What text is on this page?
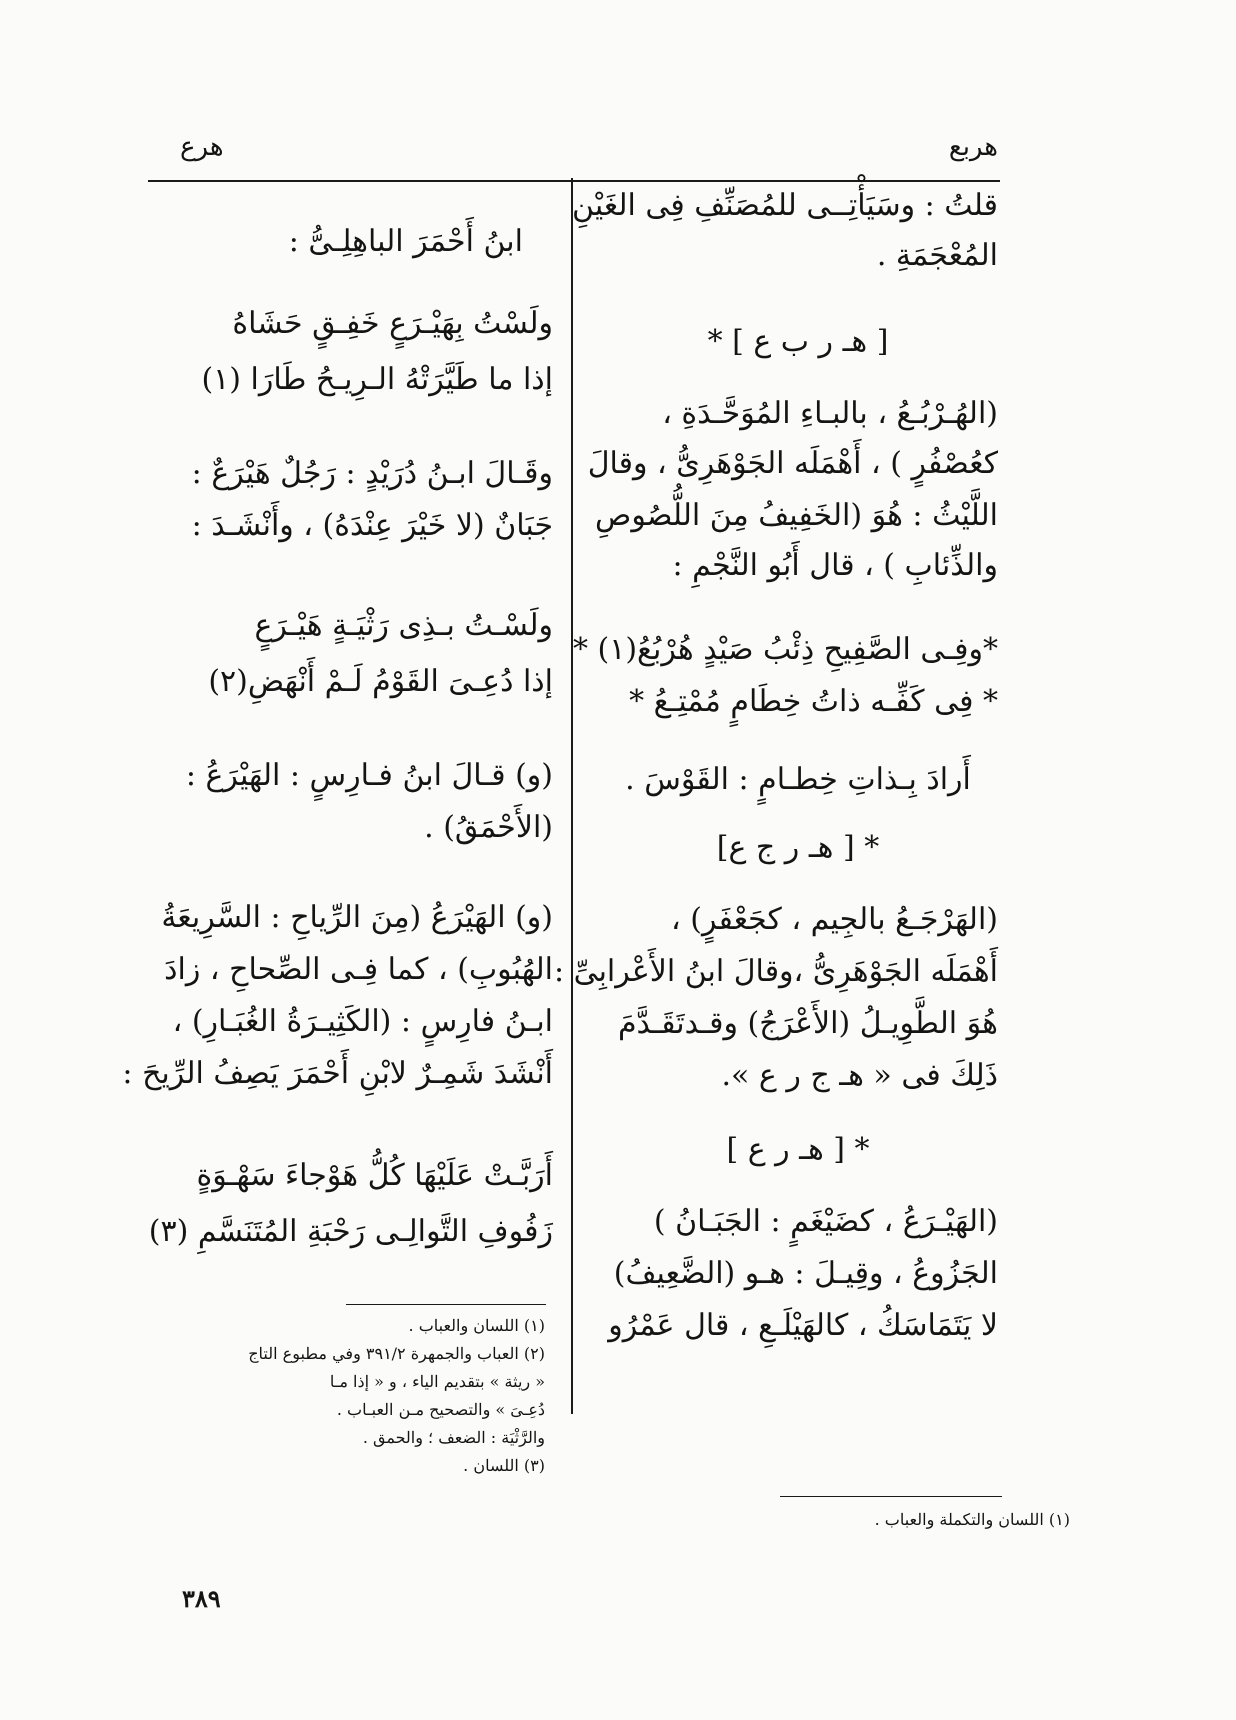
هربع
هرع

قلتُ : وسَيَأْتِــى للمُصَنِّفِ فِى الغَيْنِ

المُعْجَمَةِ .

[ هـ ر ب ع ] *

(الهُـرْبُـعُ ، بالبـاءِ المُوَحَّـدَةِ ،

كعُصْفُرٍ ) ، أَهْمَلَه الجَوْهَرِىُّ ، وقالَ

اللَّيْثُ : هُوَ (الخَفِيفُ مِنَ اللُّصُوصِ

والذِّئابِ ) ، قال أَبُو النَّجْمِ :

*وفِـى الصَّفِيحِ ذِئْبُ صَيْدٍ هُرْبُعُ(١) *

* فِى كَفِّـه ذاتُ خِطَامٍ مُمْتِـعُ *

أَرادَ بِـذاتِ خِطـامٍ : القَوْسَ .

* [ هـ ر ج ع]

(الهَرْجَـعُ بالجِيم ، كجَعْفَرٍ) ،

أَهْمَلَه الجَوْهَرِىُّ ،وقالَ ابنُ الأَعْرابِىِّ :

هُوَ الطَّوِيـلُ (الأَعْرَجُ) وقـدتَقَـدَّمَ

ذَلِكَ فى « هـ ج ر ع ».

* [ هـ ر ع ]

(الهَيْـرَعُ ، كضَيْغَمٍ : الجَبَـانُ )

الجَزُوعُ ، وقِيـلَ : هـو (الضَّعِيفُ)

لا يَتَمَاسَكُ ، كالهَيْلَـعِ ، قال عَمْرُو

(١) اللسان والتكملة والعباب .

ابنُ أَحْمَرَ الباهِلِـىُّ :

ولَسْتُ بِهَيْـرَعٍ خَفِـقٍ حَشَاهُ

إذا ما طَيَّرَتْهُ الـرِيـحُ طَارَا (١)

وقَـالَ ابـنُ دُرَيْدٍ : رَجُلٌ هَيْرَعٌ :

جَبَانٌ (لا خَيْرَ عِنْدَهُ) ، وأَنْشَـدَ :

ولَسْـتُ بـذِى رَثْيَـةٍ هَيْـرَعٍ

إذا دُعِـىَ القَوْمُ لَـمْ أَنْهَضِ(٢)

(و) قـالَ ابنُ فـارِسٍ : الهَيْرَعُ :

(الأَحْمَقُ) .

(و) الهَيْرَعُ (مِنَ الرِّياحِ : السَّرِيعَةُ

الهُبُوبِ) ، كما فِـى الصِّحاحِ ، زادَ

ابـنُ فارِسٍ : (الكَثِيـرَةُ الغُبَـارِ) ،

أَنْشَدَ شَمِـرٌ لابْنِ أَحْمَرَ يَصِفُ الرِّيحَ :

أَرَبَّـتْ عَلَيْهَا كُلُّ هَوْجاءَ سَهْـوَةٍ

زَفُوفِ التَّوالِـى رَحْبَةِ المُتَنَسَّمِ (٣)

(١) اللسان والعباب .

(٢) العباب والجمهرة ٣٩١/٢ وفي مطبوع التاج

« ريثة » بتقديم الياء ، و « إذا مـا

دُعِـىَ » والتصحيح مـن العبـاب .

والرَّثْيَة : الضعف ؛ والحمق .

(٣) اللسان .

٣٨٩
